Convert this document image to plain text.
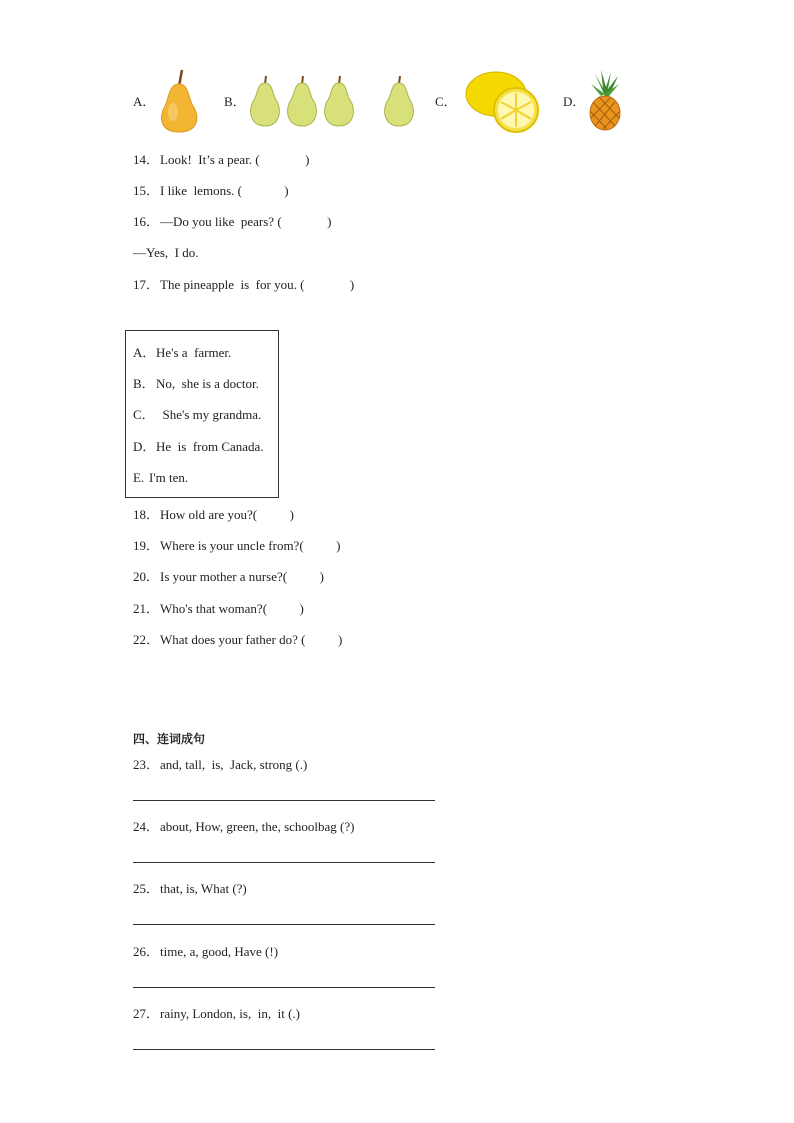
A．	B．	C．	D．
14． Look!  It’s a pear. (              )
15． I like  lemons. (             )
16． —Do you like  pears? (              )
—Yes,  I do.
17． The pineapple  is  for you. (              )
A． He's a  farmer.
B． No,  she is a doctor.
C． She's my grandma.
D． He  is  from Canada.
E. I'm ten.
18． How old are you?(          )
19． Where is your uncle from?(          )
20． Is your mother a nurse?(          )
21． Who's that woman?(          )
22． What does your father do? (          )
四、连词成句
23． and, tall,  is,  Jack, strong (.)
24． about, How, green, the, schoolbag (?)
25． that, is, What (?)
26． time, a, good, Have (!)
27． rainy, London, is,  in,  it (.)
